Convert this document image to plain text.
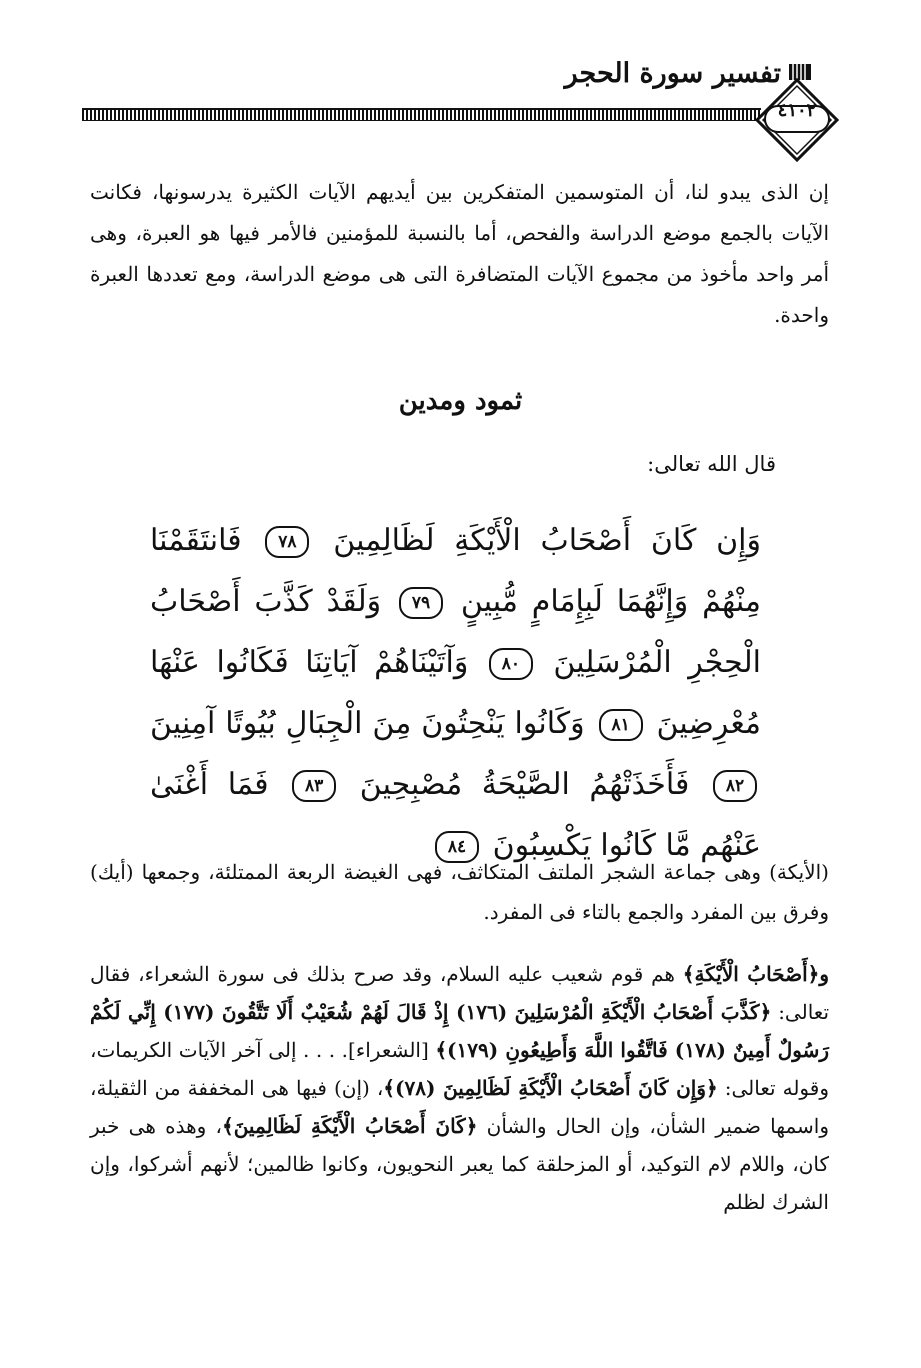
تفسير سورة الحجر
٤١٠٢
إن الذى يبدو لنا، أن المتوسمين المتفكرين بين أيديهم الآيات الكثيرة يدرسونها، فكانت الآيات بالجمع موضع الدراسة والفحص، أما بالنسبة للمؤمنين فالأمر فيها هو العبرة، وهى أمر واحد مأخوذ من مجموع الآيات المتضافرة التى هى موضع الدراسة، ومع تعددها العبرة واحدة.
ثمود ومدين
قال الله تعالى:
وَإِن كَانَ أَصْحَابُ الْأَيْكَةِ لَظَالِمِينَ ٧٨ فَانتَقَمْنَا مِنْهُمْ وَإِنَّهُمَا لَبِإِمَامٍ مُّبِينٍ ٧٩ وَلَقَدْ كَذَّبَ أَصْحَابُ الْحِجْرِ الْمُرْسَلِينَ ٨٠ وَآتَيْنَاهُمْ آيَاتِنَا فَكَانُوا عَنْهَا مُعْرِضِينَ ٨١ وَكَانُوا يَنْحِتُونَ مِنَ الْجِبَالِ بُيُوتًا آمِنِينَ ٨٢ فَأَخَذَتْهُمُ الصَّيْحَةُ مُصْبِحِينَ ٨٣ فَمَا أَغْنَىٰ عَنْهُم مَّا كَانُوا يَكْسِبُونَ ٨٤
(الأيكة) وهى جماعة الشجر الملتف المتكاثف، فهى الغيضة الربعة الممتلئة، وجمعها (أيك) وفرق بين المفرد والجمع بالتاء فى المفرد.
و﴿أَصْحَابُ الْأَيْكَةِ﴾ هم قوم شعيب عليه السلام، وقد صرح بذلك فى سورة الشعراء، فقال تعالى: ﴿كَذَّبَ أَصْحَابُ الْأَيْكَةِ الْمُرْسَلِينَ (١٧٦) إِذْ قَالَ لَهُمْ شُعَيْبٌ أَلَا تَتَّقُونَ (١٧٧) إِنِّي لَكُمْ رَسُولٌ أَمِينٌ (١٧٨) فَاتَّقُوا اللَّهَ وَأَطِيعُونِ (١٧٩)﴾ [الشعراء]. . . . إلى آخر الآيات الكريمات، وقوله تعالى: ﴿وَإِن كَانَ أَصْحَابُ الْأَيْكَةِ لَظَالِمِينَ (٧٨)﴾، (إن) فيها هى المخففة من الثقيلة، واسمها ضمير الشأن، وإن الحال والشأن ﴿كَانَ أَصْحَابُ الْأَيْكَةِ لَظَالِمِينَ﴾، وهذه هى خبر كان، واللام لام التوكيد، أو المزحلقة كما يعبر النحويون، وكانوا ظالمين؛ لأنهم أشركوا، وإن الشرك لظلم
